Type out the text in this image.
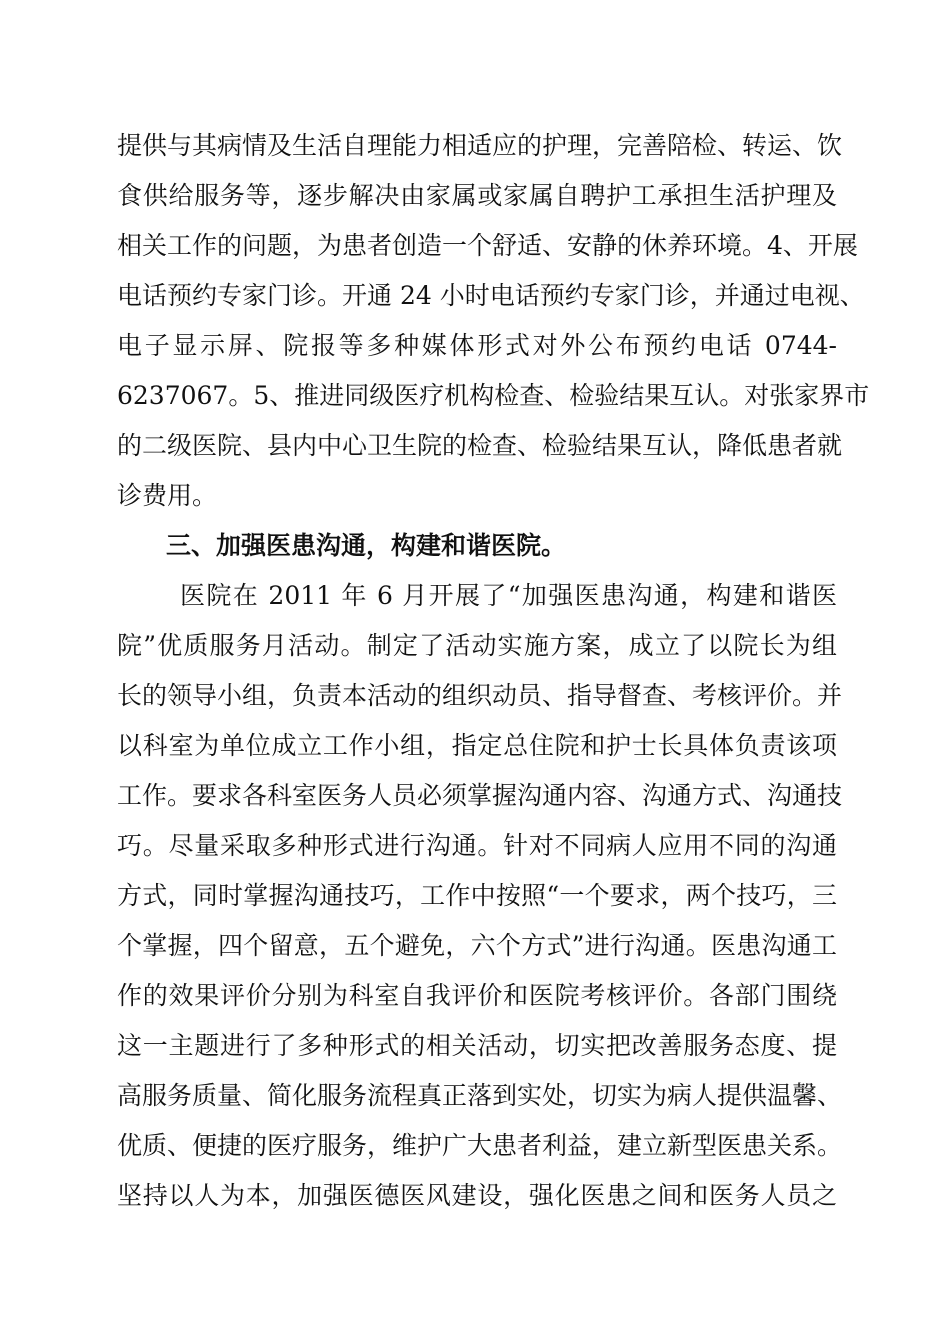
提供与其病情及生活自理能力相适应的护理，完善陪检、转运、饮
食供给服务等，逐步解决由家属或家属自聘护工承担生活护理及
相关工作的问题，为患者创造一个舒适、安静的休养环境。4、开展
电话预约专家门诊。开通 24 小时电话预约专家门诊，并通过电视、
电子显示屏、院报等多种媒体形式对外公布预约电话 0744-
6237067。5、推进同级医疗机构检查、检验结果互认。对张家界市
的二级医院、县内中心卫生院的检查、检验结果互认，降低患者就
诊费用。
三、加强医患沟通，构建和谐医院。
医院在 2011 年 6 月开展了“加强医患沟通，构建和谐医
院”优质服务月活动。制定了活动实施方案，成立了以院长为组
长的领导小组，负责本活动的组织动员、指导督查、考核评价。并
以科室为单位成立工作小组，指定总住院和护士长具体负责该项
工作。要求各科室医务人员必须掌握沟通内容、沟通方式、沟通技
巧。尽量采取多种形式进行沟通。针对不同病人应用不同的沟通
方式，同时掌握沟通技巧，工作中按照“一个要求，两个技巧，三
个掌握，四个留意，五个避免，六个方式”进行沟通。医患沟通工
作的效果评价分别为科室自我评价和医院考核评价。各部门围绕
这一主题进行了多种形式的相关活动，切实把改善服务态度、提
高服务质量、简化服务流程真正落到实处，切实为病人提供温馨、
优质、便捷的医疗服务，维护广大患者利益，建立新型医患关系。
坚持以人为本，加强医德医风建设，强化医患之间和医务人员之
